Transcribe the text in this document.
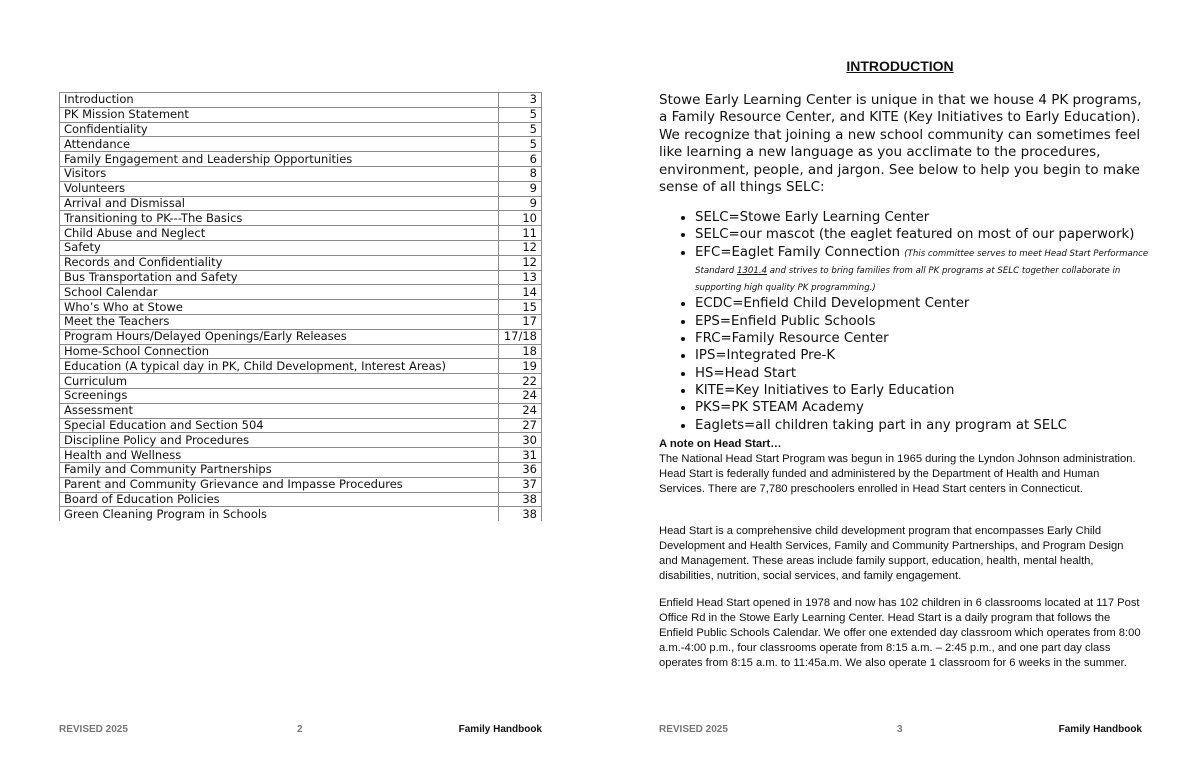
Introduction	3
PK Mission Statement	5
Confidentiality	5
Attendance	5
Family Engagement and Leadership Opportunities	6
Visitors	8
Volunteers	9
Arrival and Dismissal	9
Transitioning to PK---The Basics	10
Child Abuse and Neglect	11
Safety	12
Records and Confidentiality	12
Bus Transportation and Safety	13
School Calendar	14
Who’s Who at Stowe	15
Meet the Teachers	17
Program Hours/Delayed Openings/Early Releases	17/18
Home-School Connection	18
Education (A typical day in PK, Child Development, Interest Areas)	19
Curriculum	22
Screenings	24
Assessment	24
Special Education and Section 504	27
Discipline Policy and Procedures	30
Health and Wellness	31
Family and Community Partnerships	36
Parent and Community Grievance and Impasse Procedures	37
Board of Education Policies	38
Green Cleaning Program in Schools	38
REVISED 2025	2	Family Handbook
INTRODUCTION

Stowe Early Learning Center is unique in that we house 4 PK programs, a Family Resource Center, and KITE (Key Initiatives to Early Education). We recognize that joining a new school community can sometimes feel like learning a new language as you acclimate to the procedures, environment, people, and jargon. See below to help you begin to make sense of all things SELC:

• SELC=Stowe Early Learning Center
• SELC=our mascot (the eaglet featured on most of our paperwork)
• EFC=Eaglet Family Connection (This committee serves to meet Head Start Performance Standard 1301.4 and strives to bring families from all PK programs at SELC together collaborate in supporting high quality PK programming.)
• ECDC=Enfield Child Development Center
• EPS=Enfield Public Schools
• FRC=Family Resource Center
• IPS=Integrated Pre-K
• HS=Head Start
• KITE=Key Initiatives to Early Education
• PKS=PK STEAM Academy
• Eaglets=all children taking part in any program at SELC

A note on Head Start…

The National Head Start Program was begun in 1965 during the Lyndon Johnson administration. Head Start is federally funded and administered by the Department of Health and Human Services. There are 7,780 preschoolers enrolled in Head Start centers in Connecticut.

Head Start is a comprehensive child development program that encompasses Early Child Development and Health Services, Family and Community Partnerships, and Program Design and Management. These areas include family support, education, health, mental health, disabilities, nutrition, social services, and family engagement.

Enfield Head Start opened in 1978 and now has 102 children in 6 classrooms located at 117 Post Office Rd in the Stowe Early Learning Center. Head Start is a daily program that follows the Enfield Public Schools Calendar. We offer one extended day classroom which operates from 8:00 a.m.-4:00 p.m., four classrooms operate from 8:15 a.m. – 2:45 p.m., and one part day class operates from 8:15 a.m. to 11:45a.m. We also operate 1 classroom for 6 weeks in the summer.

REVISED 2025	3	Family Handbook
